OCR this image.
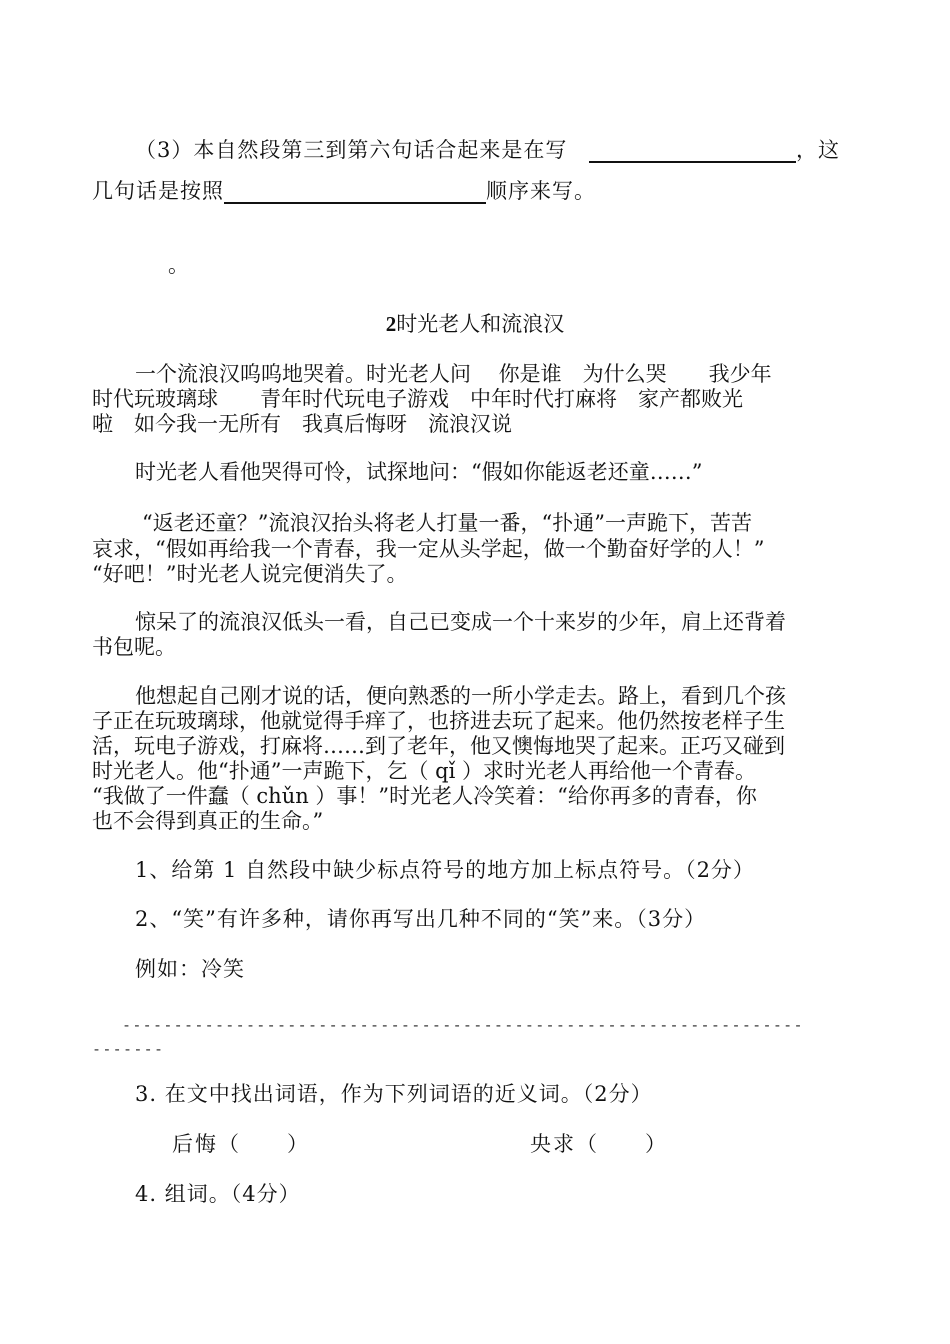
（3）本自然段第三到第六句话合起来是在写	，这
几句话是按照	顺序来写。
。
2时光老人和流浪汉
一个流浪汉呜呜地哭着。时光老人问　 你是谁　为什么哭　　我少年
时代玩玻璃球　　青年时代玩电子游戏　中年时代打麻将　家产都败光
啦　如今我一无所有　我真后悔呀　流浪汉说
时光老人看他哭得可怜，试探地问：“假如你能返老还童……”
“返老还童？”流浪汉抬头将老人打量一番，“扑通”一声跪下，苦苦
哀求，“假如再给我一个青春，我一定从头学起，做一个勤奋好学的人！”
“好吧！”时光老人说完便消失了。
惊呆了的流浪汉低头一看，自己已变成一个十来岁的少年，肩上还背着
书包呢。
他想起自己刚才说的话，便向熟悉的一所小学走去。路上，看到几个孩
子正在玩玻璃球，他就觉得手痒了，也挤进去玩了起来。他仍然按老样子生
活，玩电子游戏，打麻将……到了老年，他又懊悔地哭了起来。正巧又碰到
时光老人。他“扑通”一声跪下，乞（ qǐ ）求时光老人再给他一个青春。
“我做了一件蠢（ chǔn ）事！”时光老人冷笑着：“给你再多的青春，你
也不会得到真正的生命。”
1、给第 1 自然段中缺少标点符号的地方加上标点符号。（2分）
2、“笑”有许多种，请你再写出几种不同的“笑”来。（3分）
例如：冷笑
------------------------------------------------------------------
-------
3. 在文中找出词语，作为下列词语的近义词。（2分）
后悔（　　）	央求（　　）
4. 组词。（4分）
